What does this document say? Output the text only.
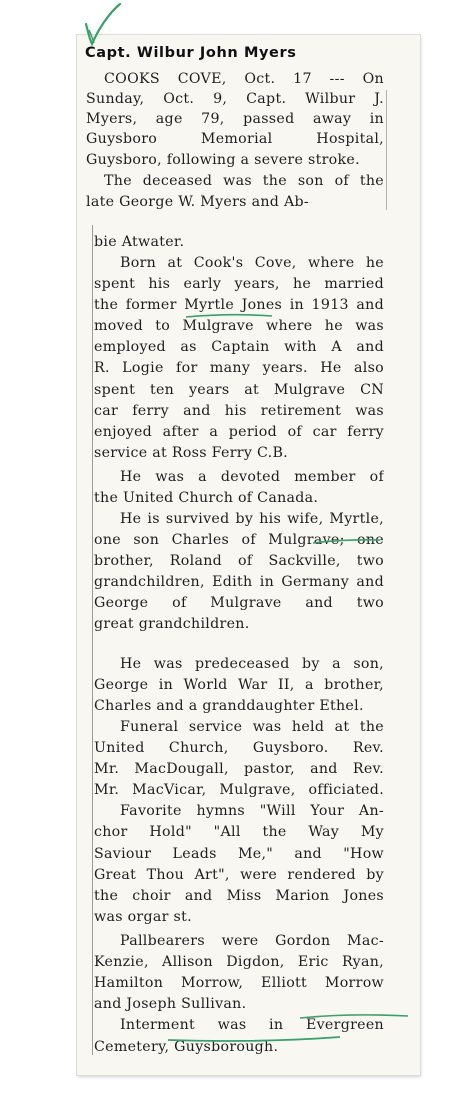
Capt. Wilbur John Myers
COOKS COVE, Oct. 17 --- On
Sunday, Oct. 9, Capt. Wilbur J.
Myers, age 79, passed away in
Guysboro Memorial Hospital,
Guysboro, following a severe stroke.
The deceased was the son of the
late George W. Myers and Ab-
bie Atwater.
Born at Cook's Cove, where he
spent his early years, he married
the former Myrtle Jones in 1913 and
moved to Mulgrave where he was
employed as Captain with A and
R. Logie for many years. He also
spent ten years at Mulgrave CN
car ferry and his retirement was
enjoyed after a period of car ferry
service at Ross Ferry C.B.
He was a devoted member of
the United Church of Canada.
He is survived by his wife, Myrtle,
one son Charles of Mulgrave; one
brother, Roland of Sackville, two
grandchildren, Edith in Germany and
George of Mulgrave and two
great grandchildren.
He was predeceased by a son,
George in World War II, a brother,
Charles and a granddaughter Ethel.
Funeral service was held at the
United Church, Guysboro. Rev.
Mr. MacDougall, pastor, and Rev.
Mr. MacVicar, Mulgrave, officiated.
Favorite hymns "Will Your An-
chor Hold" "All the Way My
Saviour Leads Me," and "How
Great Thou Art", were rendered by
the choir and Miss Marion Jones
was orgar st.
Pallbearers were Gordon Mac-
Kenzie, Allison Digdon, Eric Ryan,
Hamilton Morrow, Elliott Morrow
and Joseph Sullivan.
Interment was in Evergreen
Cemetery, Guysborough.
